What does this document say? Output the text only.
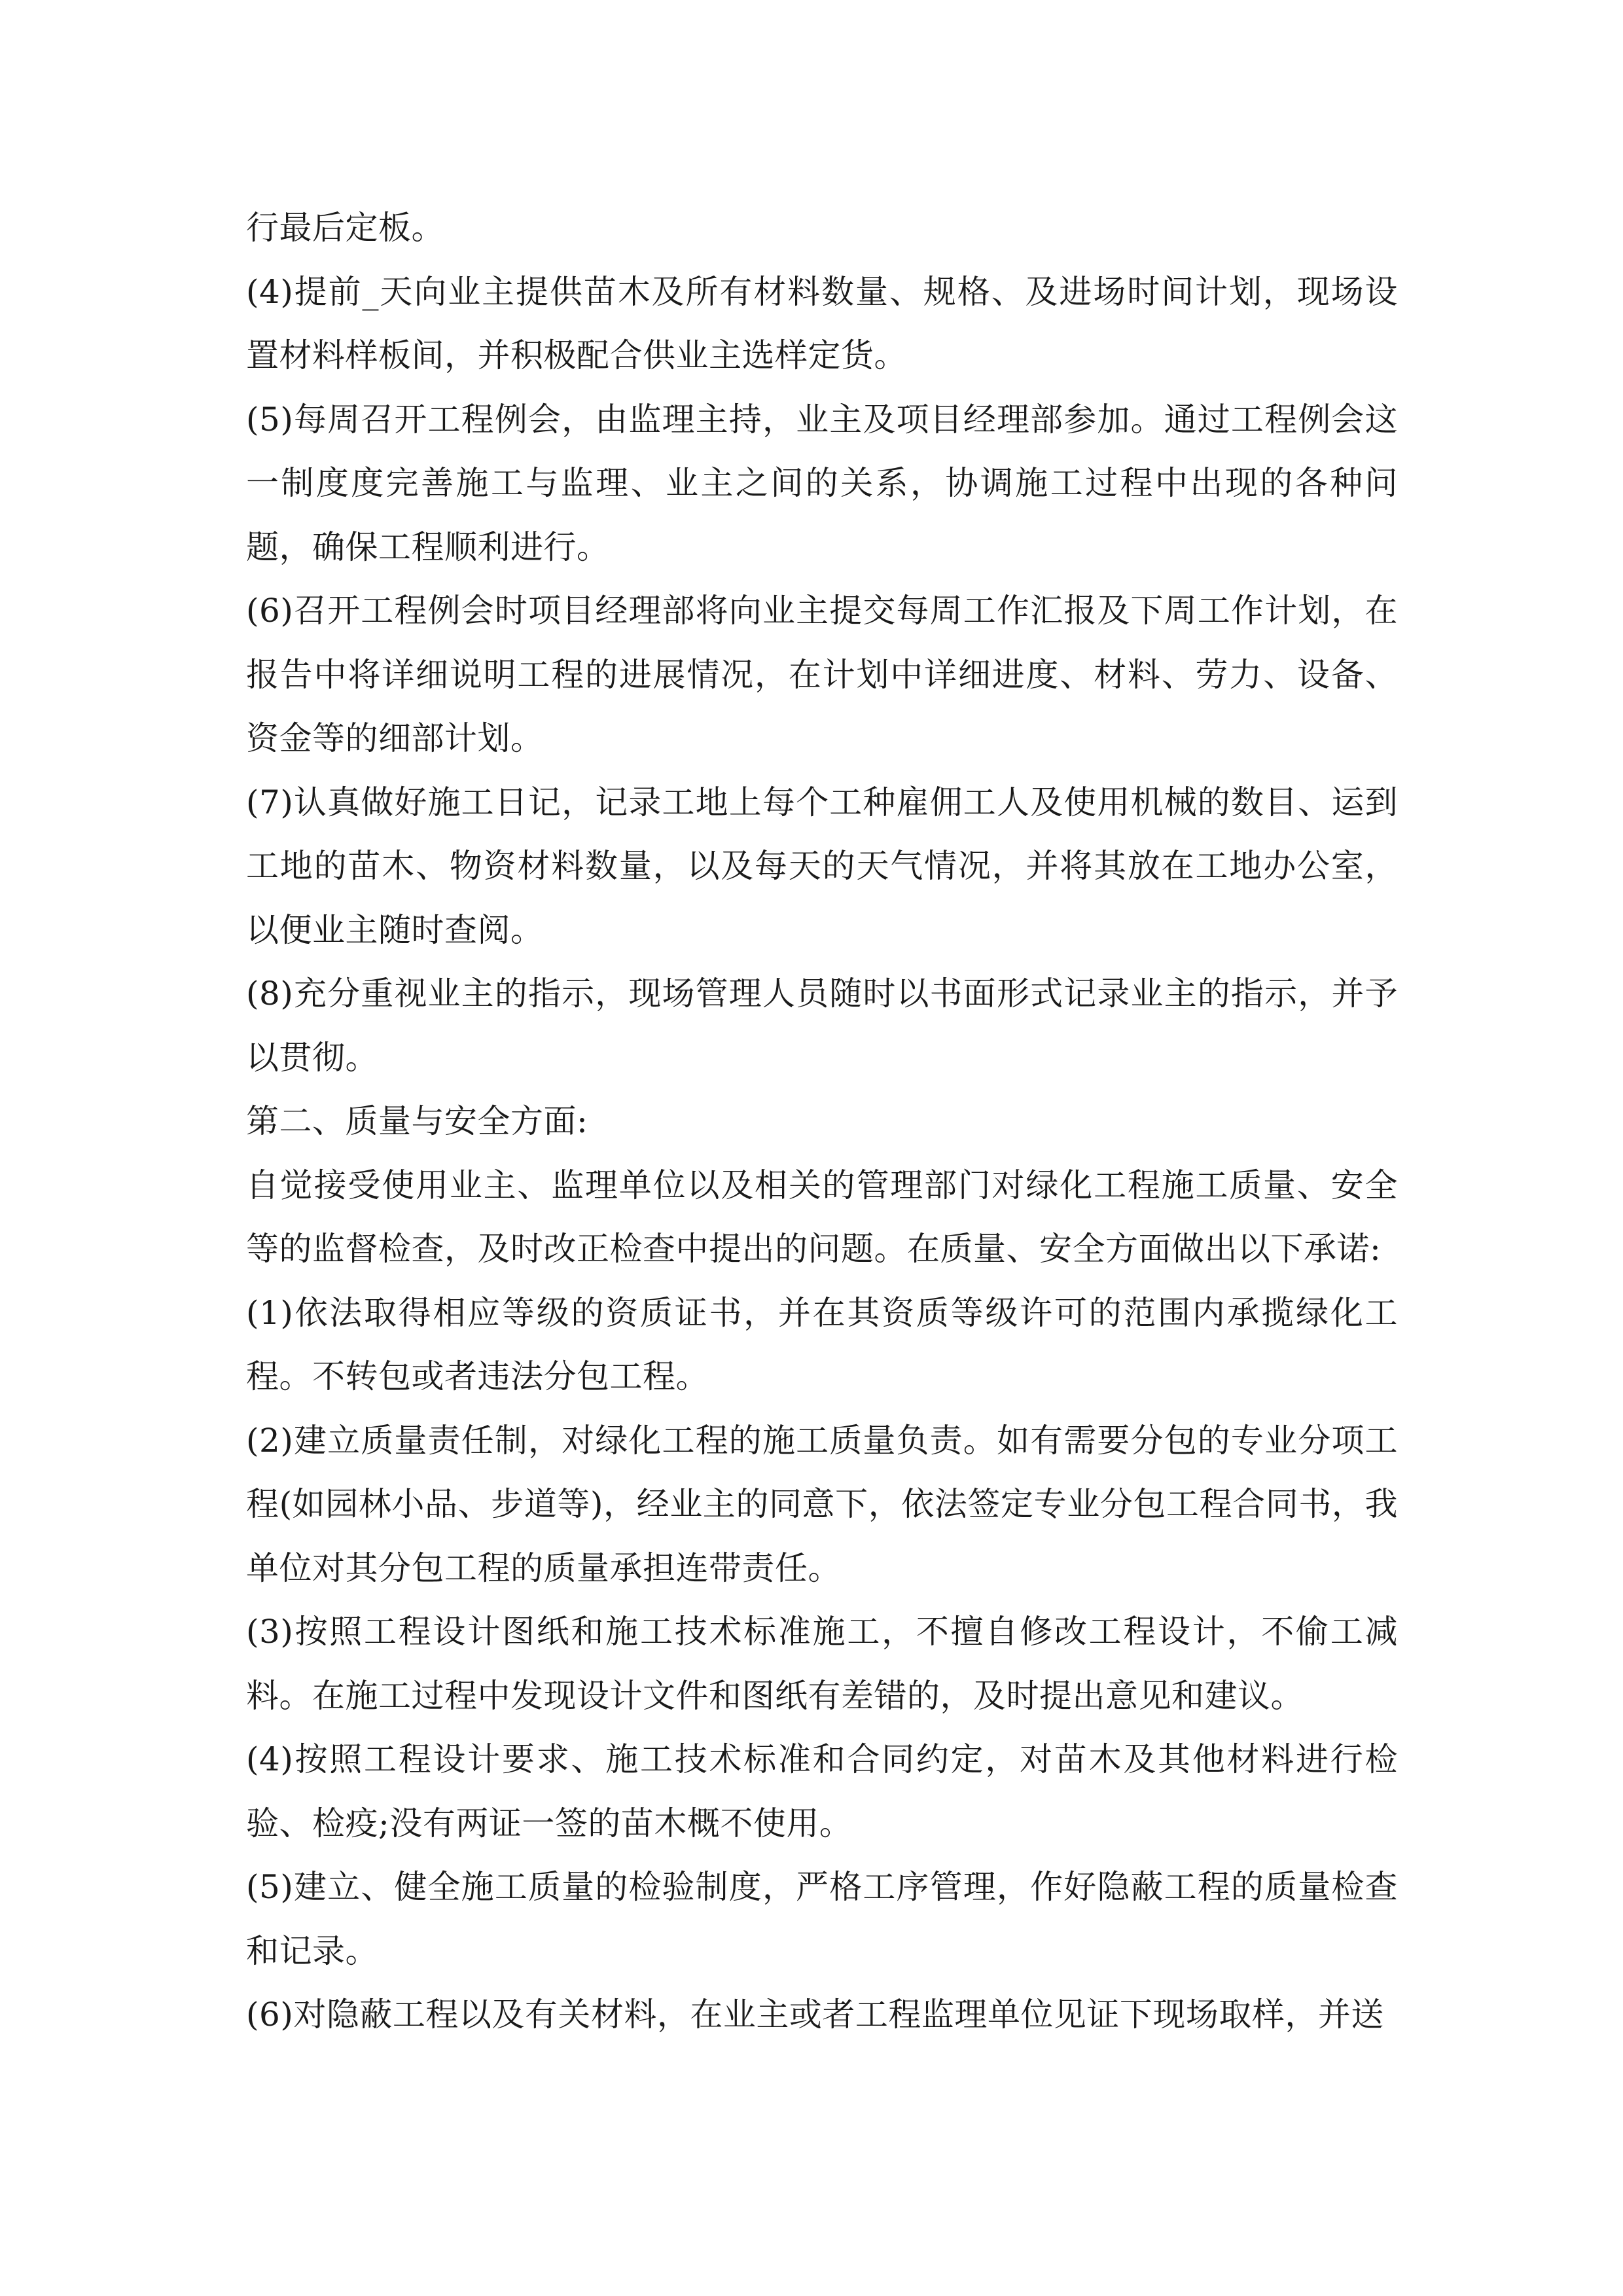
行最后定板。

(4)提前_天向业主提供苗木及所有材料数量、规格、及进场时间计划，现场设置材料样板间，并积极配合供业主选样定货。

(5)每周召开工程例会，由监理主持，业主及项目经理部参加。通过工程例会这一制度度完善施工与监理、业主之间的关系，协调施工过程中出现的各种问题，确保工程顺利进行。

(6)召开工程例会时项目经理部将向业主提交每周工作汇报及下周工作计划，在报告中将详细说明工程的进展情况，在计划中详细进度、材料、劳力、设备、资金等的细部计划。

(7)认真做好施工日记，记录工地上每个工种雇佣工人及使用机械的数目、运到工地的苗木、物资材料数量，以及每天的天气情况，并将其放在工地办公室，以便业主随时查阅。

(8)充分重视业主的指示，现场管理人员随时以书面形式记录业主的指示，并予以贯彻。

第二、质量与安全方面:

自觉接受使用业主、监理单位以及相关的管理部门对绿化工程施工质量、安全等的监督检查，及时改正检查中提出的问题。在质量、安全方面做出以下承诺:

(1)依法取得相应等级的资质证书，并在其资质等级许可的范围内承揽绿化工程。不转包或者违法分包工程。

(2)建立质量责任制，对绿化工程的施工质量负责。如有需要分包的专业分项工程(如园林小品、步道等)，经业主的同意下，依法签定专业分包工程合同书，我单位对其分包工程的质量承担连带责任。

(3)按照工程设计图纸和施工技术标准施工，不擅自修改工程设计，不偷工减料。在施工过程中发现设计文件和图纸有差错的，及时提出意见和建议。

(4)按照工程设计要求、施工技术标准和合同约定，对苗木及其他材料进行检验、检疫;没有两证一签的苗木概不使用。

(5)建立、健全施工质量的检验制度，严格工序管理，作好隐蔽工程的质量检查和记录。

(6)对隐蔽工程以及有关材料，在业主或者工程监理单位见证下现场取样，并送
